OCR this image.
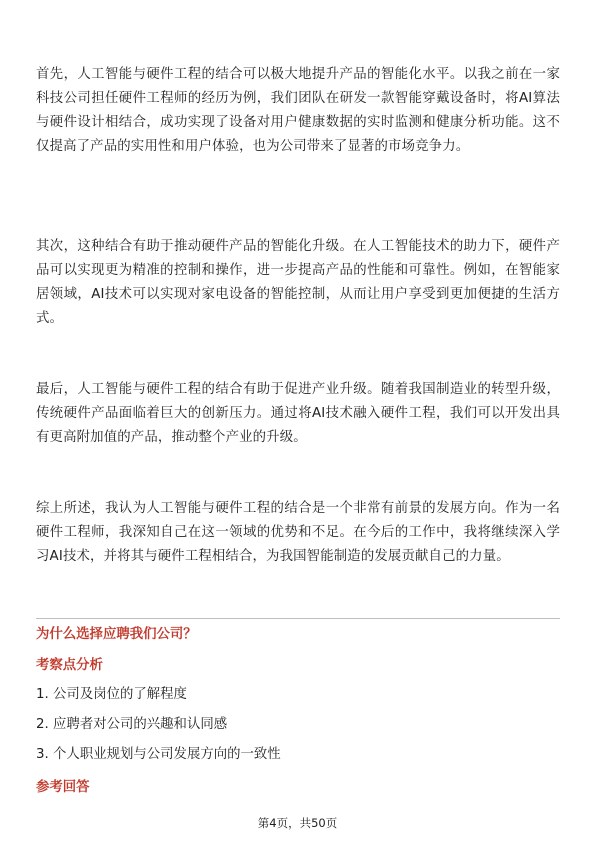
首先，人工智能与硬件工程的结合可以极大地提升产品的智能化水平。以我之前在一家科技公司担任硬件工程师的经历为例，我们团队在研发一款智能穿戴设备时，将AI算法与硬件设计相结合，成功实现了设备对用户健康数据的实时监测和健康分析功能。这不仅提高了产品的实用性和用户体验，也为公司带来了显著的市场竞争力。

其次，这种结合有助于推动硬件产品的智能化升级。在人工智能技术的助力下，硬件产品可以实现更为精准的控制和操作，进一步提高产品的性能和可靠性。例如，在智能家居领域，AI技术可以实现对家电设备的智能控制，从而让用户享受到更加便捷的生活方式。

最后，人工智能与硬件工程的结合有助于促进产业升级。随着我国制造业的转型升级，传统硬件产品面临着巨大的创新压力。通过将AI技术融入硬件工程，我们可以开发出具有更高附加值的产品，推动整个产业的升级。

综上所述，我认为人工智能与硬件工程的结合是一个非常有前景的发展方向。作为一名硬件工程师，我深知自己在这一领域的优势和不足。在今后的工作中，我将继续深入学习AI技术，并将其与硬件工程相结合，为我国智能制造的发展贡献自己的力量。

为什么选择应聘我们公司？
考察点分析
1. 公司及岗位的了解程度
2. 应聘者对公司的兴趣和认同感
3. 个人职业规划与公司发展方向的一致性
参考回答
第4页，共50页
